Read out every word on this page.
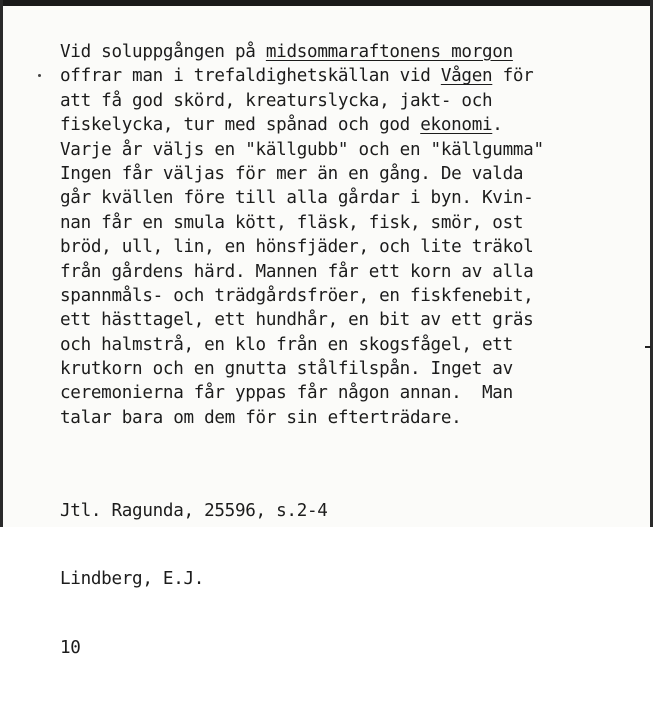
Vid soluppgången på midsommaraftonens morgon
offrar man i trefaldighetskällan vid Vågen för
att få god skörd, kreaturslycka, jakt- och
fiskelycka, tur med spånad och god ekonomi.
Varje år väljs en "källgubb" och en "källgumma"
Ingen får väljas för mer än en gång. De valda
går kvällen före till alla gårdar i byn. Kvin-
nan får en smula kött, fläsk, fisk, smör, ost
bröd, ull, lin, en hönsfjäder, och lite träkol
från gårdens härd. Mannen får ett korn av alla
spannmåls- och trädgårdsfröer, en fiskfenebit,
ett hästtagel, ett hundhår, en bit av ett gräs
och halmstrå, en klo från en skogsfågel, ett
krutkorn och en gnutta stålfilspån. Inget av
ceremonierna får yppas får någon annan.  Man
talar bara om dem för sin efterträdare.

Jtl. Ragunda, 25596, s.2-4

Lindberg, E.J.

10
